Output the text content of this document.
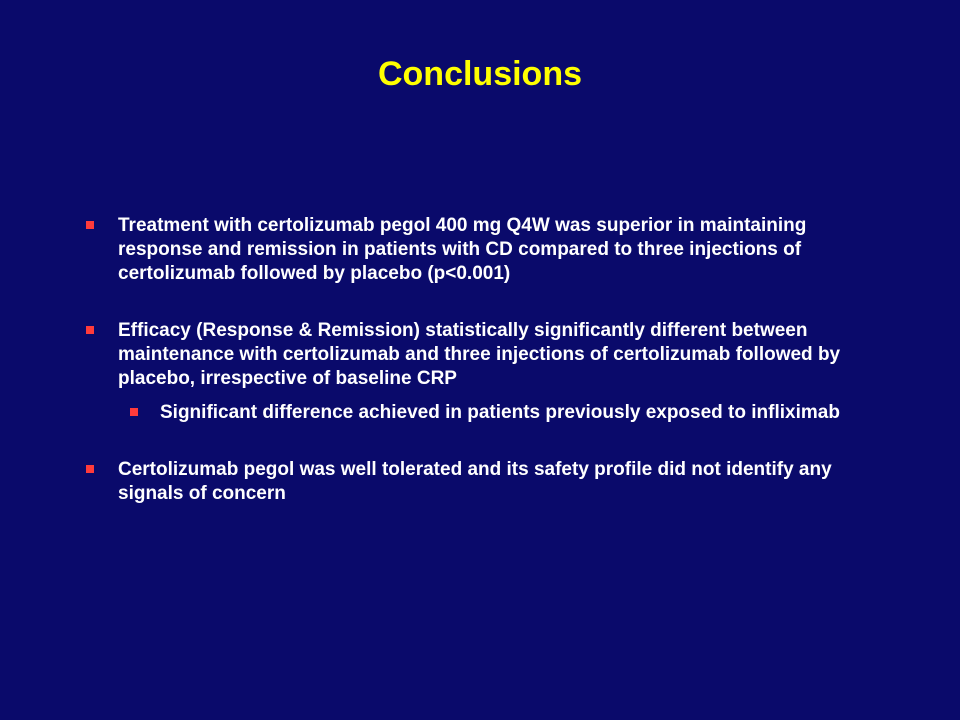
Conclusions
Treatment with certolizumab pegol 400 mg Q4W was superior in maintaining response and remission in patients with CD compared to three injections of certolizumab followed by placebo (p<0.001)
Efficacy (Response & Remission) statistically significantly different between maintenance with certolizumab and three injections of certolizumab followed by placebo, irrespective of baseline CRP
Significant difference achieved in patients previously exposed to infliximab
Certolizumab pegol was well tolerated and its safety profile did not identify any signals of concern
